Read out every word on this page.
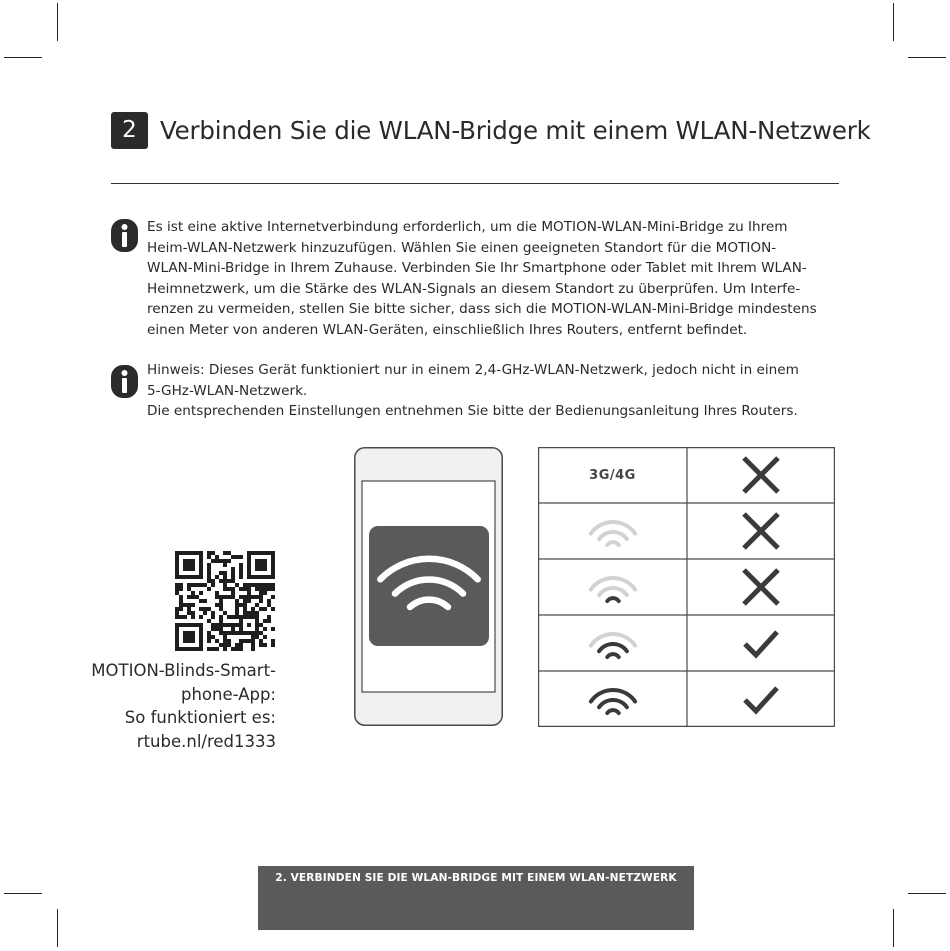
2 Verbinden Sie die WLAN-Bridge mit einem WLAN-Netzwerk
Es ist eine aktive Internetverbindung erforderlich, um die MOTION-WLAN-Mini-Bridge zu Ihrem
Heim-WLAN-Netzwerk hinzuzufügen. Wählen Sie einen geeigneten Standort für die MOTION-
WLAN-Mini-Bridge in Ihrem Zuhause. Verbinden Sie Ihr Smartphone oder Tablet mit Ihrem WLAN-
Heimnetzwerk, um die Stärke des WLAN-Signals an diesem Standort zu überprüfen. Um Interfe-
renzen zu vermeiden, stellen Sie bitte sicher, dass sich die MOTION-WLAN-Mini-Bridge mindestens
einen Meter von anderen WLAN-Geräten, einschließlich Ihres Routers, entfernt befindet.
Hinweis: Dieses Gerät funktioniert nur in einem 2,4-GHz-WLAN-Netzwerk, jedoch nicht in einem
5-GHz-WLAN-Netzwerk.
Die entsprechenden Einstellungen entnehmen Sie bitte der Bedienungsanleitung Ihres Routers.
MOTION-Blinds-Smart-
phone-App:
So funktioniert es:
rtube.nl/red1333
3G/4G
2. VERBINDEN SIE DIE WLAN-BRIDGE MIT EINEM WLAN-NETZWERK
